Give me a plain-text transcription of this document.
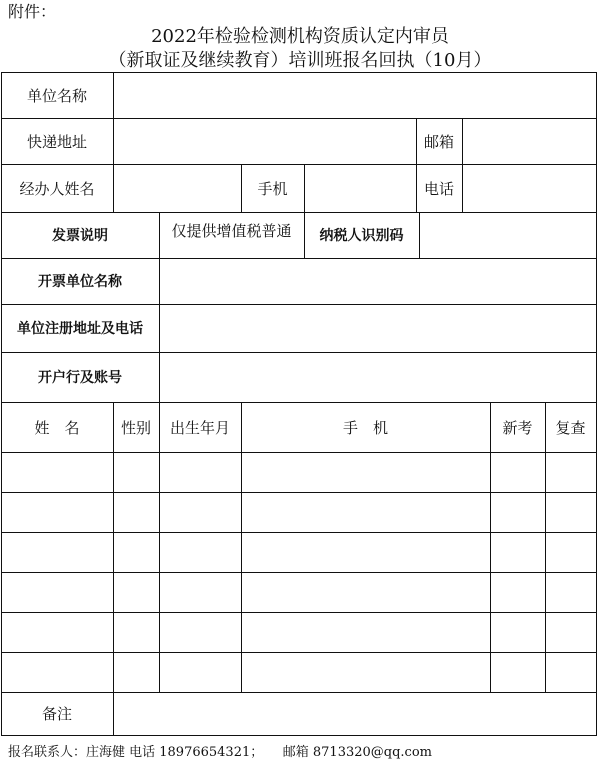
附件：
2022年检验检测机构资质认定内审员
（新取证及继续教育）培训班报名回执（10月）
单位名称
快递地址	邮箱
经办人姓名	手机	电话
发票说明	仅提供增值税普通	纳税人识别码
开票单位名称
单位注册地址及电话
开户行及账号
姓　名	性别	出生年月	手　机	新考	复查
备注
报名联系人：庄海健 电话 18976654321；　　邮箱 8713320@qq.com
